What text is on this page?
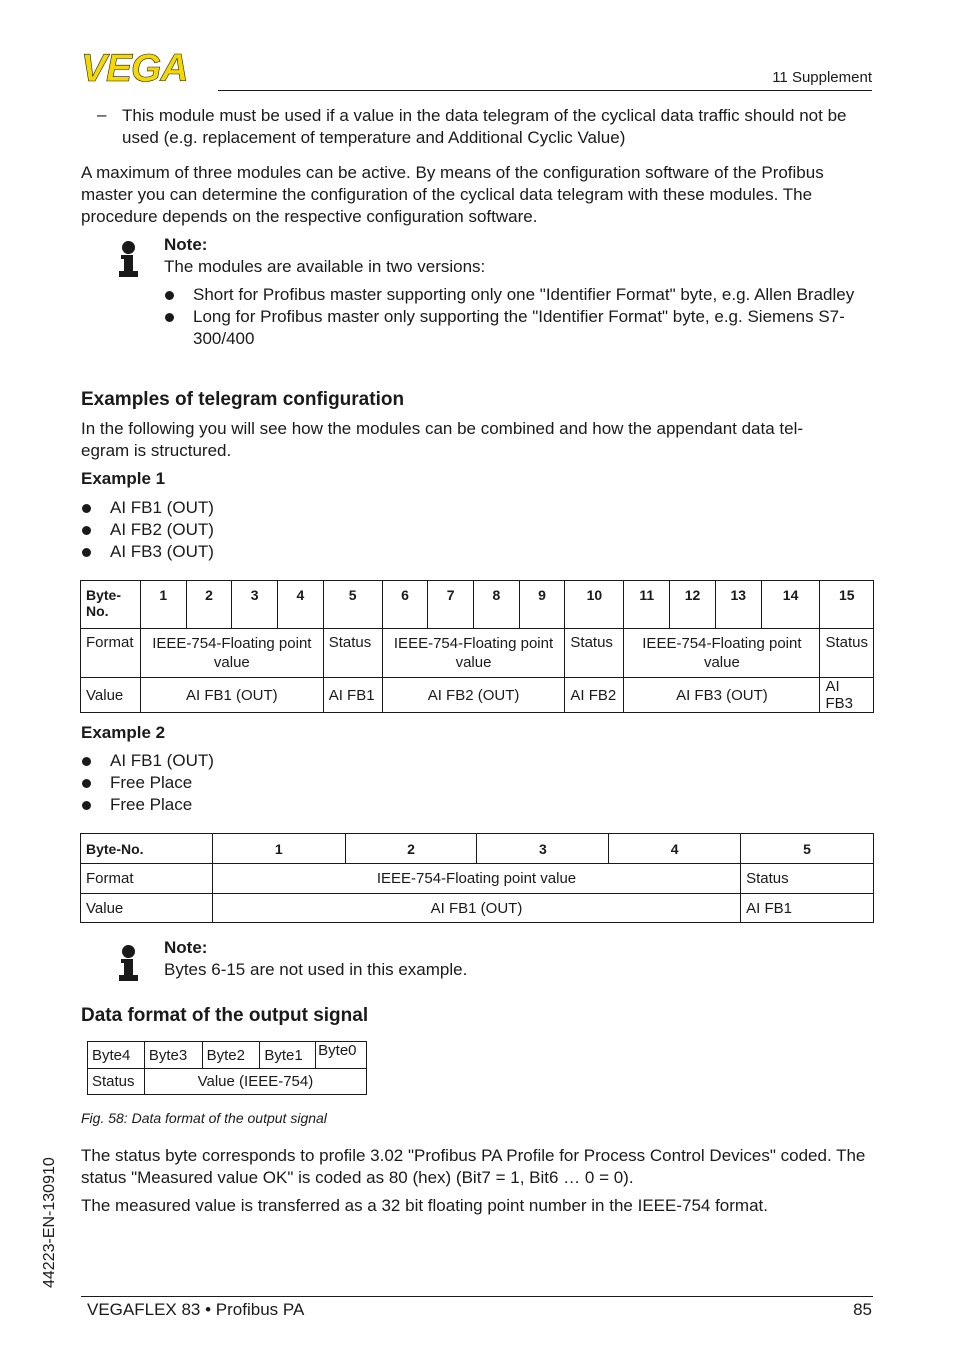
VEGA	11 Supplement
– This module must be used if a value in the data telegram of the cyclical data traffic should not be used (e.g. replacement of temperature and Additional Cyclic Value)

A maximum of three modules can be active. By means of the configuration software of the Profibus master you can determine the configuration of the cyclical data telegram with these modules. The procedure depends on the respective configuration software.

Note:

The modules are available in two versions:

Short for Profibus master supporting only one "Identifier Format" byte, e.g. Allen Bradley
Long for Profibus master only supporting the "Identifier Format" byte, e.g. Siemens S7-300/400
Examples of telegram configuration

In the following you will see how the modules can be combined and how the appendant data tel-egram is structured.

Example 1

AI FB1 (OUT)
AI FB2 (OUT)
AI FB3 (OUT)
Byte-No.	1	2	3	4	5	6	7	8	9	10	11	12	13	14	15
Format	IEEE-754-Floating point value				Status	IEEE-754-Floating point value				Status	IEEE-754-Floating point value				Status
Value	AI FB1 (OUT)				AI FB1	AI FB2 (OUT)				AI FB2	AI FB3 (OUT)				AI FB3

Example 2

AI FB1 (OUT)
Free Place
Free Place
Byte-No.	1	2	3	4	5
Format	IEEE-754-Floating point value				Status
Value	AI FB1 (OUT)				AI FB1

Note:

Bytes 6-15 are not used in this example.

Data format of the output signal
Byte4	Byte3	Byte2	Byte1	Byte0
Status	Value (IEEE-754)			
Fig. 58: Data format of the output signal

The status byte corresponds to profile 3.02 "Profibus PA Profile for Process Control Devices" coded. The status "Measured value OK" is coded as 80 (hex) (Bit7 = 1, Bit6 … 0 = 0).

The measured value is transferred as a 32 bit floating point number in the IEEE-754 format.

44223-EN-130910
VEGAFLEX 83 • Profibus PA	85
